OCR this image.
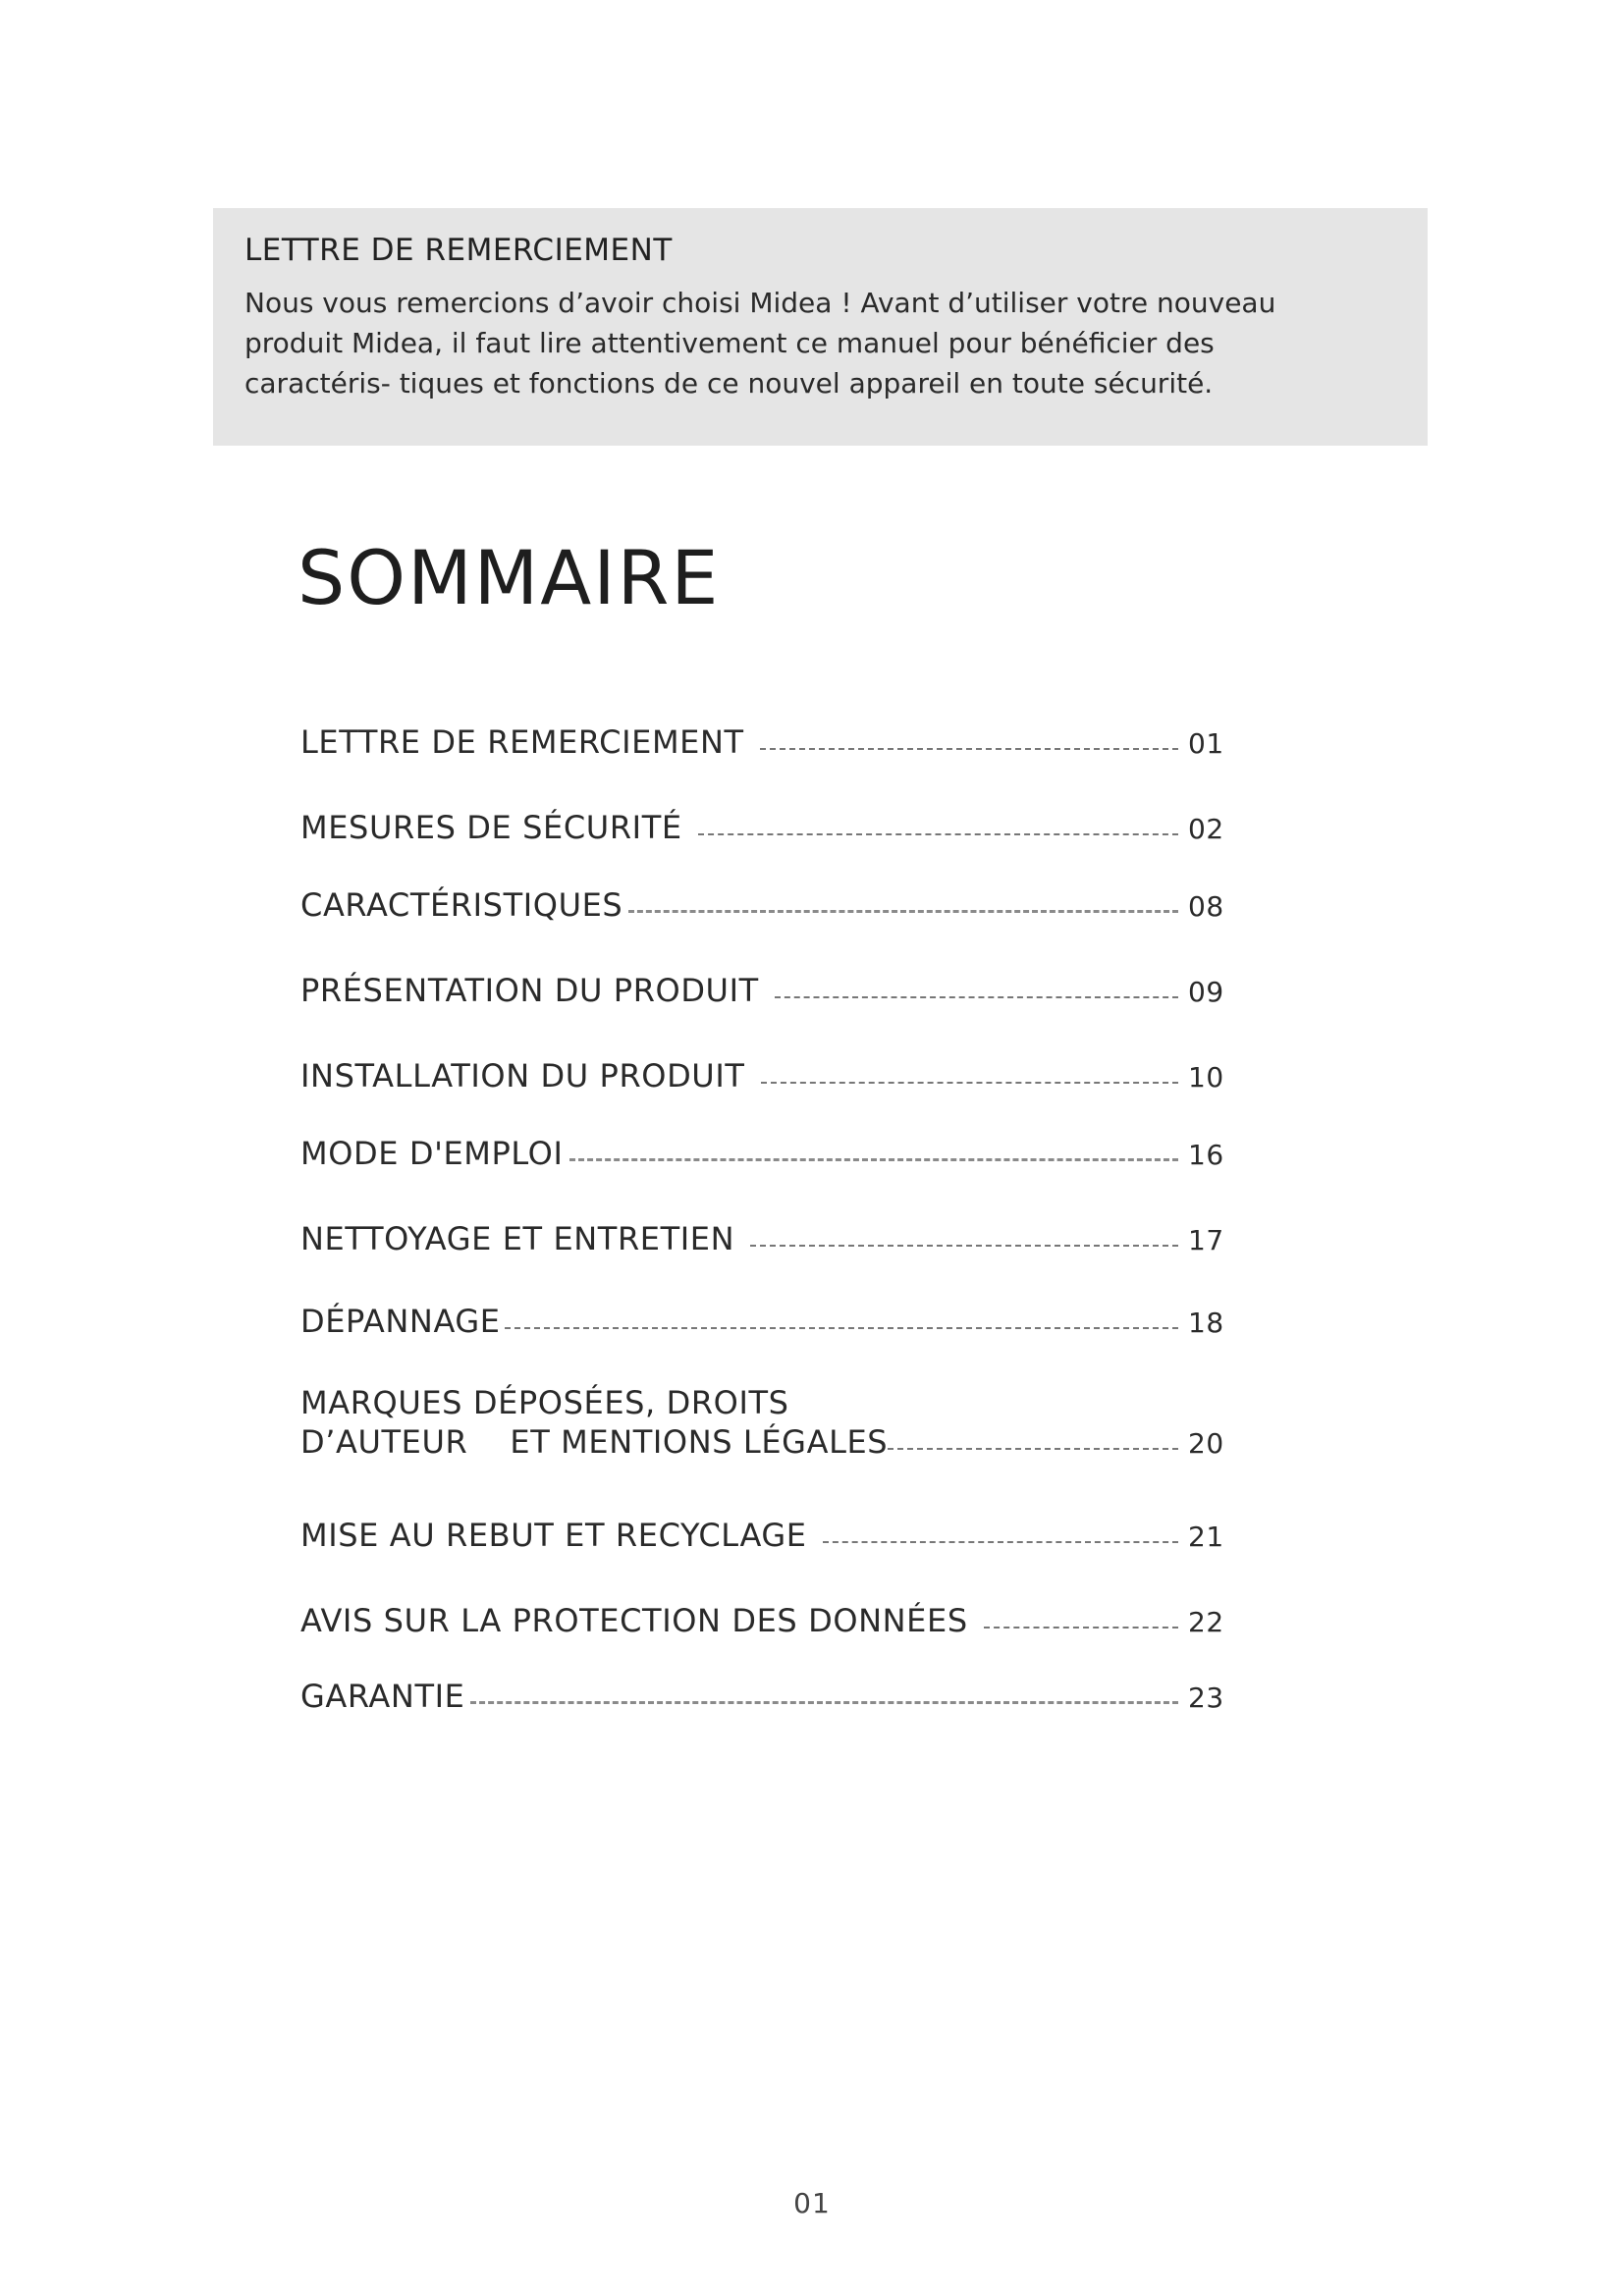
LETTRE DE REMERCIEMENT
Nous vous remercions d’avoir choisi Midea ! Avant d’utiliser votre nouveau
produit Midea, il faut lire attentivement ce manuel pour bénéficier des
caractéris- tiques et fonctions de ce nouvel appareil en toute sécurité.
SOMMAIRE
LETTRE DE REMERCIEMENT	01
MESURES DE SÉCURITÉ	02
CARACTÉRISTIQUES	08
PRÉSENTATION DU PRODUIT	09
INSTALLATION DU PRODUIT	10
MODE D'EMPLOI	16
NETTOYAGE ET ENTRETIEN	17
DÉPANNAGE	18
MARQUES DÉPOSÉES, DROITS
D’AUTEUR    ET MENTIONS LÉGALES	20
MISE AU REBUT ET RECYCLAGE	21
AVIS SUR LA PROTECTION DES DONNÉES	22
GARANTIE	23
01
